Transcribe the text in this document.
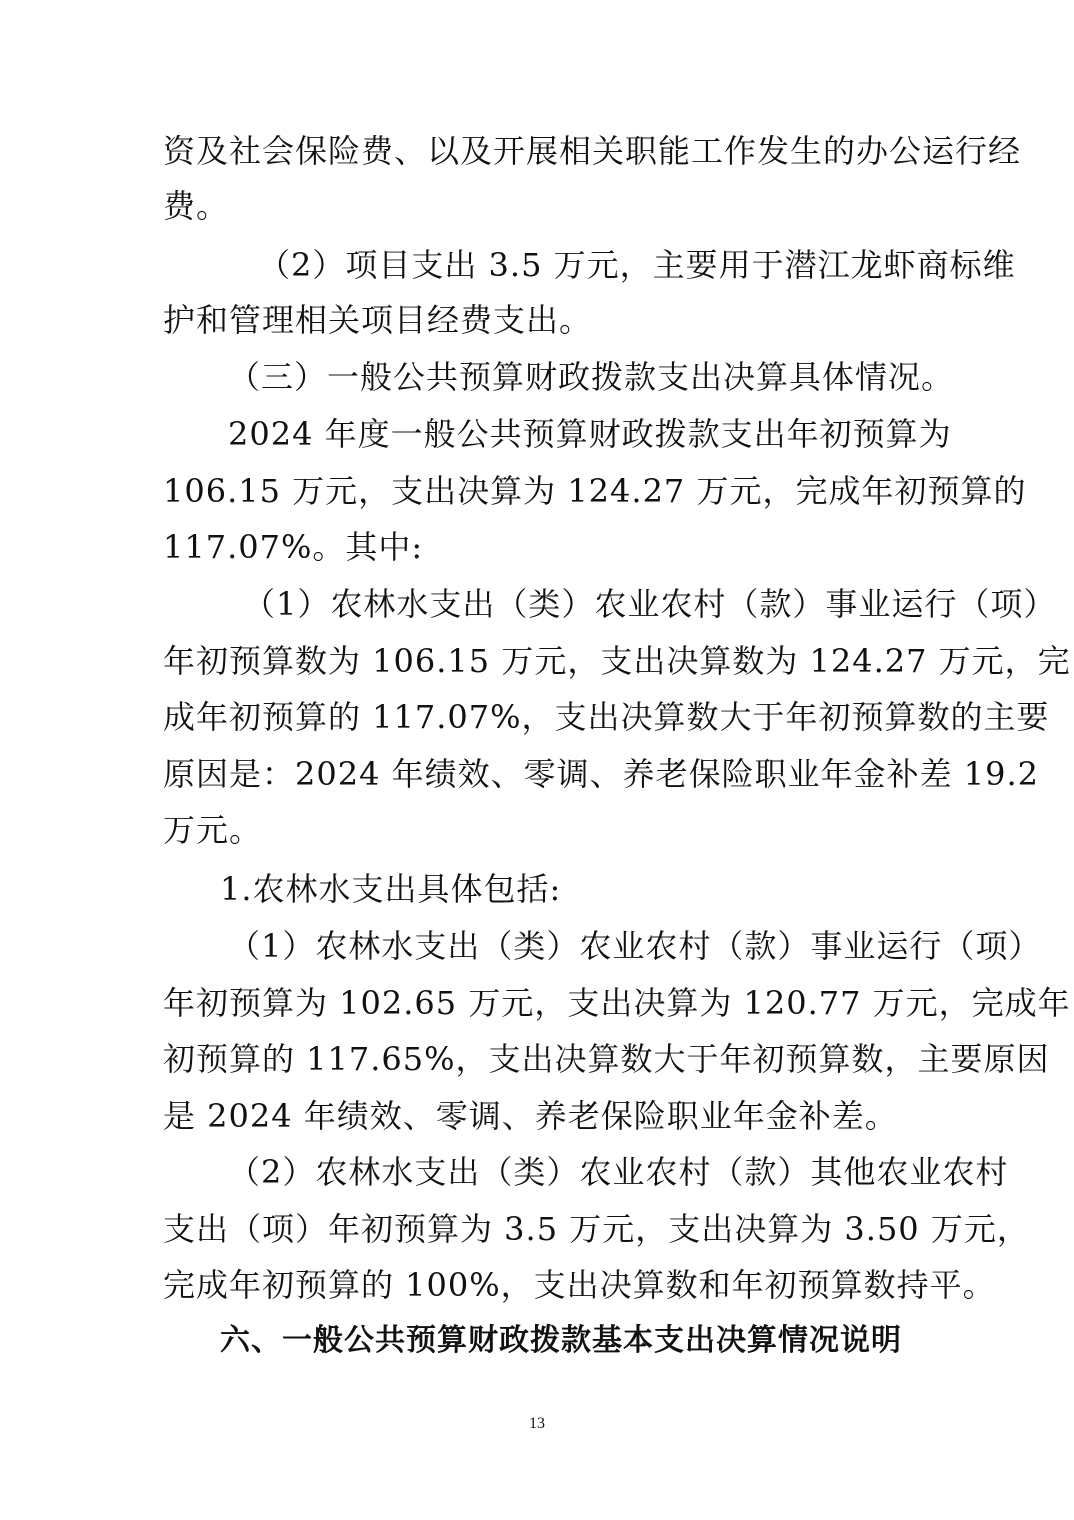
资及社会保险费、以及开展相关职能工作发生的办公运行经
费。
（2）项目支出 3.5 万元，主要用于潜江龙虾商标维
护和管理相关项目经费支出。
（三）一般公共预算财政拨款支出决算具体情况。
2024 年度一般公共预算财政拨款支出年初预算为
106.15 万元，支出决算为 124.27 万元，完成年初预算的
117.07%。其中:
（1）农林水支出（类）农业农村（款）事业运行（项）
年初预算数为 106.15 万元，支出决算数为 124.27 万元，完
成年初预算的 117.07%，支出决算数大于年初预算数的主要
原因是：2024 年绩效、零调、养老保险职业年金补差 19.2
万元。
1.农林水支出具体包括:
（1）农林水支出（类）农业农村（款）事业运行（项）
年初预算为 102.65 万元，支出决算为 120.77 万元，完成年
初预算的 117.65%，支出决算数大于年初预算数，主要原因
是 2024 年绩效、零调、养老保险职业年金补差。
（2）农林水支出（类）农业农村（款）其他农业农村
支出（项）年初预算为 3.5 万元，支出决算为 3.50 万元，
完成年初预算的 100%，支出决算数和年初预算数持平。
六、一般公共预算财政拨款基本支出决算情况说明
13
